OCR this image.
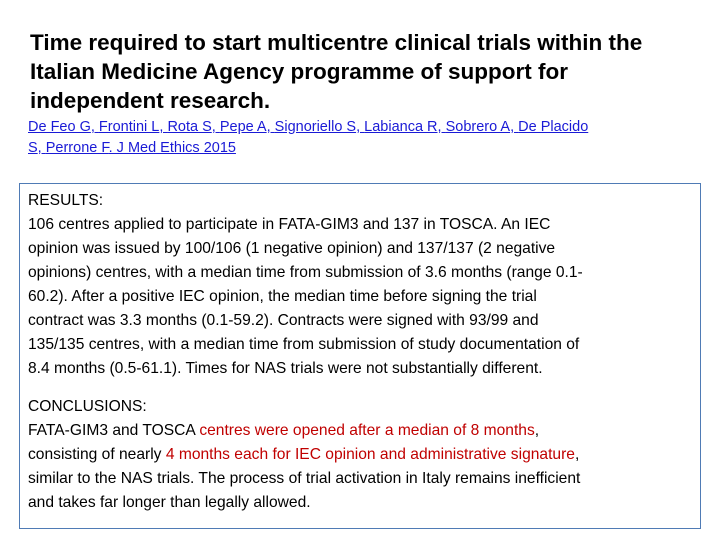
Time required to start multicentre clinical trials within the
Italian Medicine Agency programme of support for
independent research.
De Feo G, Frontini L, Rota S, Pepe A, Signoriello S, Labianca R, Sobrero A, De Placido
S, Perrone F. J Med Ethics 2015
RESULTS:
106 centres applied to participate in FATA-GIM3 and 137 in TOSCA. An IEC
opinion was issued by 100/106 (1 negative opinion) and 137/137 (2 negative
opinions) centres, with a median time from submission of 3.6 months (range 0.1-
60.2). After a positive IEC opinion, the median time before signing the trial
contract was 3.3 months (0.1-59.2). Contracts were signed with 93/99 and
135/135 centres, with a median time from submission of study documentation of
8.4 months (0.5-61.1). Times for NAS trials were not substantially different.
CONCLUSIONS:
FATA-GIM3 and TOSCA centres were opened after a median of 8 months,
consisting of nearly 4 months each for IEC opinion and administrative signature,
similar to the NAS trials. The process of trial activation in Italy remains inefficient
and takes far longer than legally allowed.
